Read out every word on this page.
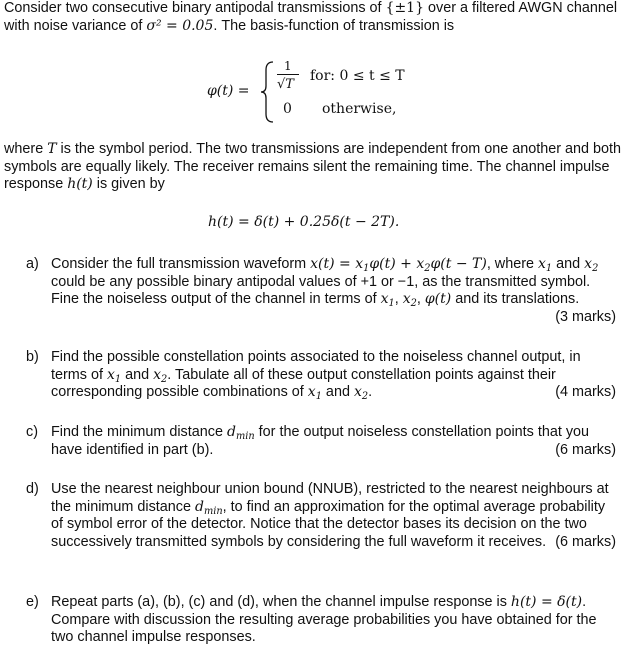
Consider two consecutive binary antipodal transmissions of {±1} over a filtered AWGN channel with noise variance of σ² = 0.05. The basis-function of transmission is
φ(t) =
1
√T
for: 0 ≤ t ≤ T
0 otherwise,
where T is the symbol period. The two transmissions are independent from one another and both symbols are equally likely. The receiver remains silent the remaining time. The channel impulse response h(t) is given by
h(t) = δ(t) + 0.25δ(t − 2T).
a) Consider the full transmission waveform $x(t) = x_1\varphi(t) + x_2\varphi(t - T)$, where $x_1$ and $x_2$ could be any possible binary antipodal values of +1 or −1, as the transmitted symbol. Fine the noiseless output of the channel in terms of $x_1$, $x_2$, φ(t) and its translations.
(3 marks)
b) Find the possible constellation points associated to the noiseless channel output, in terms of $x_1$ and $x_2$. Tabulate all of these output constellation points against their corresponding possible combinations of $x_1$ and $x_2$.	(4 marks)
c) Find the minimum distance $d_{min}$ for the output noiseless constellation points that you have identified in part (b).	(6 marks)
d) Use the nearest neighbour union bound (NNUB), restricted to the nearest neighbours at the minimum distance $d_{min}$, to find an approximation for the optimal average probability of symbol error of the detector. Notice that the detector bases its decision on the two successively transmitted symbols by considering the full waveform it receives. (6 marks)
e) Repeat parts (a), (b), (c) and (d), when the channel impulse response is h(t) = δ(t). Compare with discussion the resulting average probabilities you have obtained for the two channel impulse responses.
